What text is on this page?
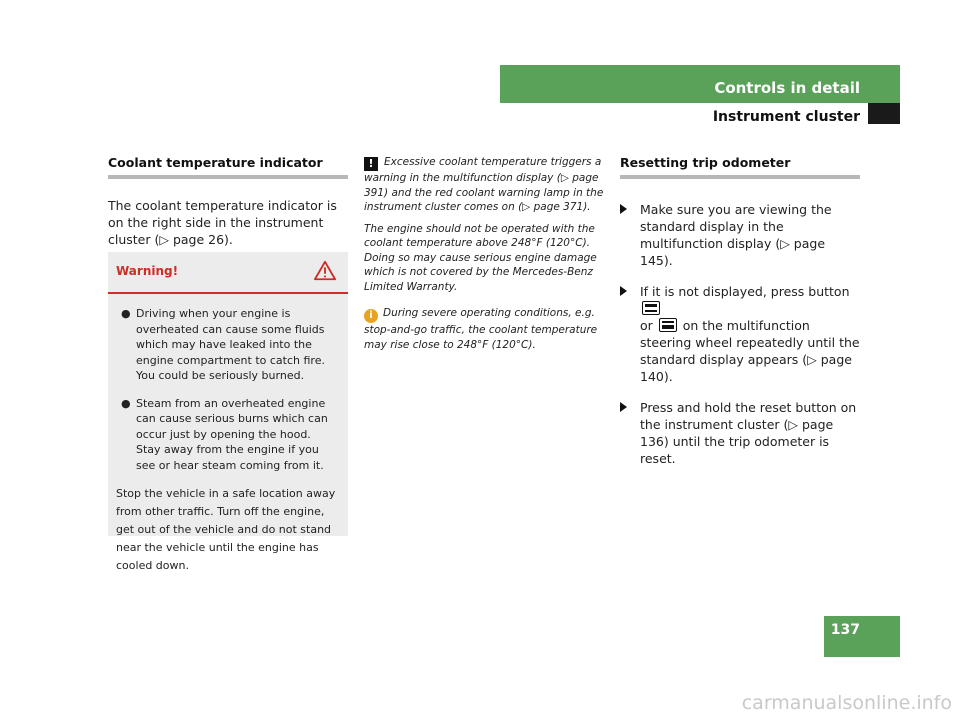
Controls in detail
Instrument cluster
Coolant temperature indicator

The coolant temperature indicator is on the right side in the instrument cluster (▷ page 26).

Warning!
● Driving when your engine is overheated can cause some fluids which may have leaked into the engine compartment to catch fire. You could be seriously burned.
● Steam from an overheated engine can cause serious burns which can occur just by opening the hood. Stay away from the engine if you see or hear steam coming from it.
Stop the vehicle in a safe location away from other traffic. Turn off the engine, get out of the vehicle and do not stand near the vehicle until the engine has cooled down.
! Excessive coolant temperature triggers a warning in the multifunction display (▷ page 391) and the red coolant warning lamp in the instrument cluster comes on (▷ page 371).
The engine should not be operated with the coolant temperature above 248°F (120°C). Doing so may cause serious engine damage which is not covered by the Mercedes-Benz Limited Warranty.
i During severe operating conditions, e.g. stop-and-go traffic, the coolant temperature may rise close to 248°F (120°C).
Resetting trip odometer
Make sure you are viewing the standard display in the multifunction display (▷ page 145).
If it is not displayed, press button
or on the multifunction steering wheel repeatedly until the standard display appears (▷ page 140).
Press and hold the reset button on the instrument cluster (▷ page 136) until the trip odometer is reset.
137
carmanualsonline.info
